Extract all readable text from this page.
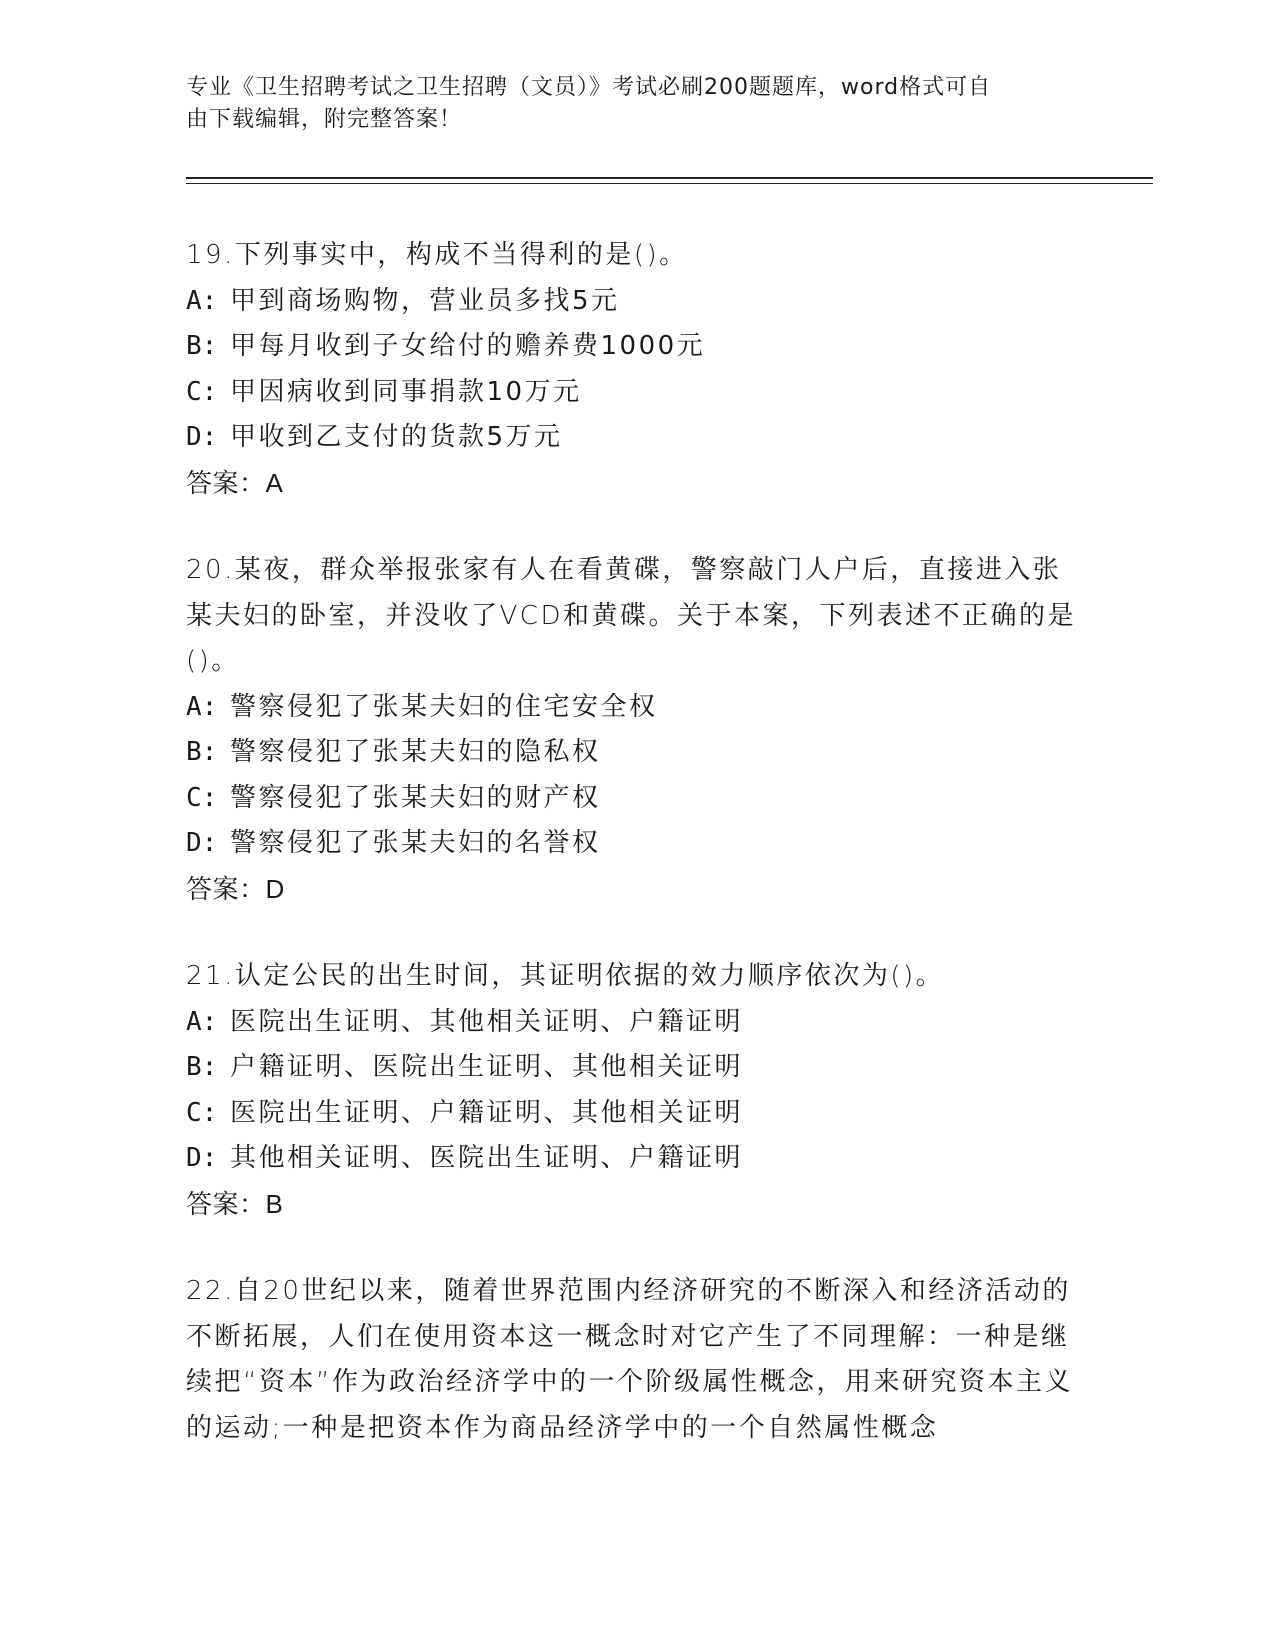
专业《卫生招聘考试之卫生招聘（文员）》考试必刷200题题库，word格式可自
由下载编辑，附完整答案！
19.下列事实中，构成不当得利的是()。
A: 甲到商场购物，营业员多找5元
B: 甲每月收到子女给付的赡养费1000元
C: 甲因病收到同事捐款10万元
D: 甲收到乙支付的货款5万元
答案：A
20.某夜，群众举报张家有人在看黄碟，警察敲门人户后，直接进入张某夫妇的卧室，并没收了VCD和黄碟。关于本案，下列表述不正确的是()。
A: 警察侵犯了张某夫妇的住宅安全权
B: 警察侵犯了张某夫妇的隐私权
C: 警察侵犯了张某夫妇的财产权
D: 警察侵犯了张某夫妇的名誉权
答案：D
21.认定公民的出生时间，其证明依据的效力顺序依次为()。
A: 医院出生证明、其他相关证明、户籍证明
B: 户籍证明、医院出生证明、其他相关证明
C: 医院出生证明、户籍证明、其他相关证明
D: 其他相关证明、医院出生证明、户籍证明
答案：B
22.自20世纪以来，随着世界范围内经济研究的不断深入和经济活动的不断拓展，人们在使用资本这一概念时对它产生了不同理解：一种是继续把“资本”作为政治经济学中的一个阶级属性概念，用来研究资本主义的运动;一种是把资本作为商品经济学中的一个自然属性概念
